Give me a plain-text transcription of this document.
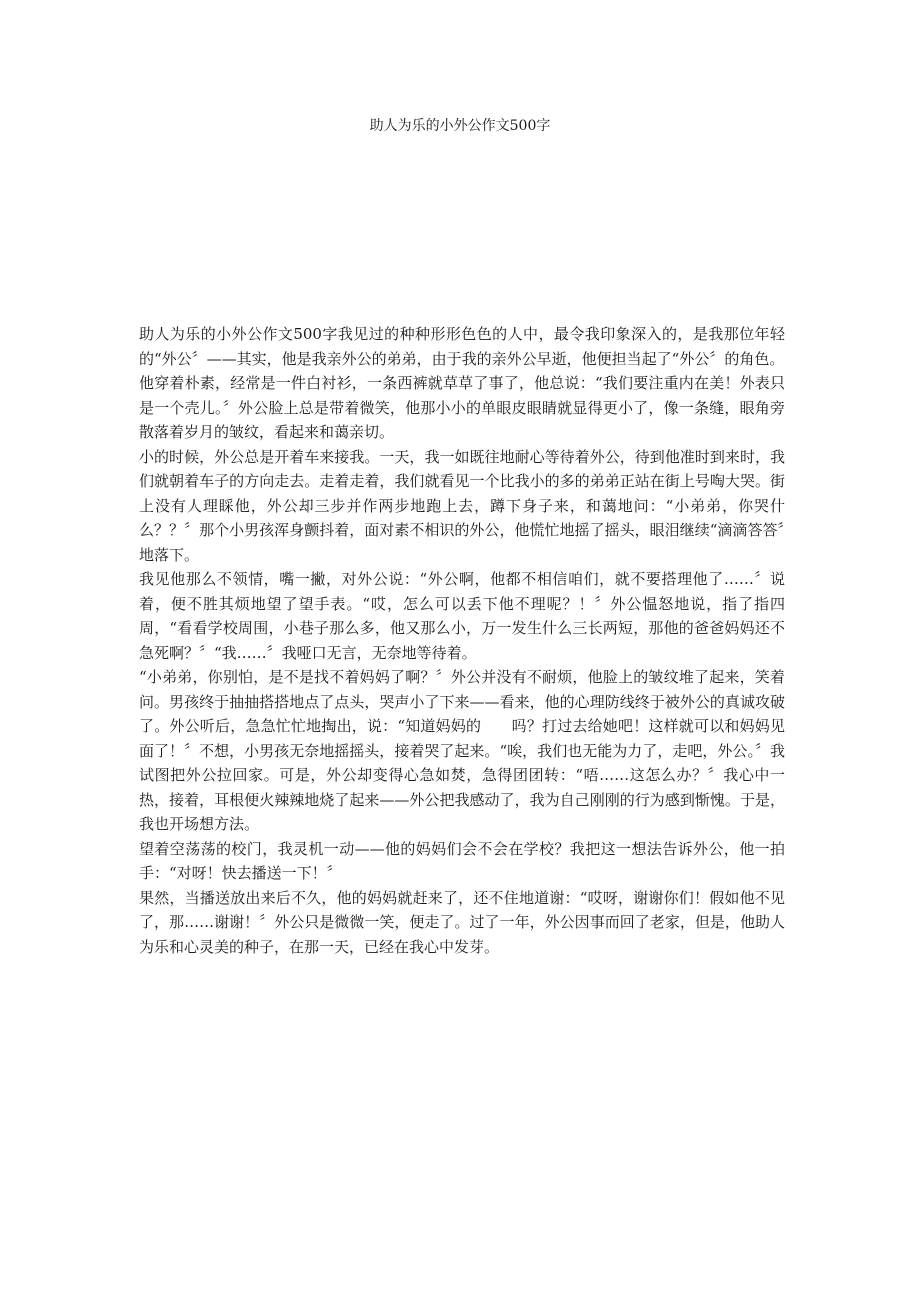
助人为乐的小外公作文500字

助人为乐的小外公作文500字我见过的种种形形色色的人中，最令我印象深入的，是我那位年轻的“外公〞——其实，他是我亲外公的弟弟，由于我的亲外公早逝，他便担当起了“外公〞的角色。

他穿着朴素，经常是一件白衬衫，一条西裤就草草了事了，他总说：“我们要注重内在美！外表只是一个壳儿。〞外公脸上总是带着微笑，他那小小的单眼皮眼睛就显得更小了，像一条缝，眼角旁散落着岁月的皱纹，看起来和蔼亲切。

小的时候，外公总是开着车来接我。一天，我一如既往地耐心等待着外公，待到他准时到来时，我们就朝着车子的方向走去。走着走着，我们就看见一个比我小的多的弟弟正站在街上号啕大哭。街上没有人理睬他，外公却三步并作两步地跑上去，蹲下身子来，和蔼地问：“小弟弟，你哭什么？？〞那个小男孩浑身颤抖着，面对素不相识的外公，他慌忙地摇了摇头，眼泪继续“滴滴答答〞地落下。

我见他那么不领情，嘴一撇，对外公说：“外公啊，他都不相信咱们，就不要搭理他了……〞说着，便不胜其烦地望了望手表。“哎，怎么可以丢下他不理呢？！〞外公愠怒地说，指了指四周，“看看学校周围，小巷子那么多，他又那么小，万一发生什么三长两短，那他的爸爸妈妈还不急死啊？〞“我……〞我哑口无言，无奈地等待着。

“小弟弟，你别怕，是不是找不着妈妈了啊？〞外公并没有不耐烦，他脸上的皱纹堆了起来，笑着问。男孩终于抽抽搭搭地点了点头，哭声小了下来——看来，他的心理防线终于被外公的真诚攻破了。外公听后，急急忙忙地掏出，说：“知道妈妈的　　吗？打过去给她吧！这样就可以和妈妈见面了！〞不想，小男孩无奈地摇摇头，接着哭了起来。“唉，我们也无能为力了，走吧，外公。〞我试图把外公拉回家。可是，外公却变得心急如焚，急得团团转：“唔……这怎么办？〞我心中一热，接着，耳根便火辣辣地烧了起来——外公把我感动了，我为自己刚刚的行为感到惭愧。于是，我也开场想方法。

望着空荡荡的校门，我灵机一动——他的妈妈们会不会在学校？我把这一想法告诉外公，他一拍手：“对呀！快去播送一下！〞

果然，当播送放出来后不久，他的妈妈就赶来了，还不住地道谢：“哎呀，谢谢你们！假如他不见了，那……谢谢！〞外公只是微微一笑，便走了。过了一年，外公因事而回了老家，但是，他助人为乐和心灵美的种子，在那一天，已经在我心中发芽。
